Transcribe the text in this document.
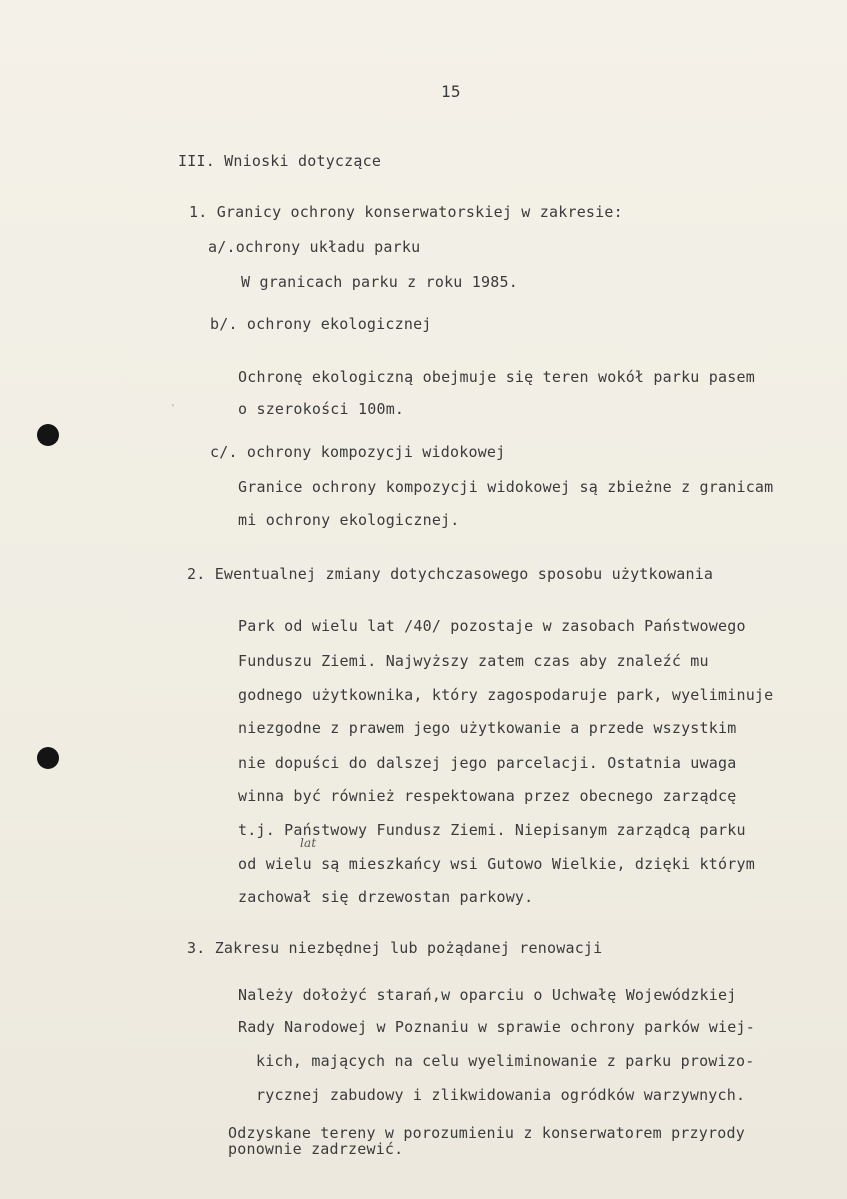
ʹ
15
III. Wnioski dotyczące
1. Granicy ochrony konserwatorskiej w zakresie:
a/.ochrony układu parku
W granicach parku z roku 1985.
b/. ochrony ekologicznej
Ochronę ekologiczną obejmuje się teren wokół parku pasem
o szerokości 100m.
c/. ochrony kompozycji widokowej
Granice ochrony kompozycji widokowej są zbieżne z granicam
mi ochrony ekologicznej.
2. Ewentualnej zmiany dotychczasowego sposobu użytkowania
Park od wielu lat /40/ pozostaje w zasobach Państwowego
Funduszu Ziemi. Najwyższy zatem czas aby znaleźć mu
godnego użytkownika, który zagospodaruje park, wyeliminuje
niezgodne z prawem jego użytkowanie a przede wszystkim
nie dopuści do dalszej jego parcelacji. Ostatnia uwaga
winna być również respektowana przez obecnego zarządcę
t.j. Państwowy Fundusz Ziemi. Niepisanym zarządcą parku
lat
od wielu są mieszkańcy wsi Gutowo Wielkie, dzięki którym
zachował się drzewostan parkowy.
3. Zakresu niezbędnej lub pożądanej renowacji
Należy dołożyć starań,w oparciu o Uchwałę Wojewódzkiej
Rady Narodowej w Poznaniu w sprawie ochrony parków wiej-
kich, mających na celu wyeliminowanie z parku prowizo-
rycznej zabudowy i zlikwidowania ogródków warzywnych.
Odzyskane tereny w porozumieniu z konserwatorem przyrody
ponownie zadrzewić.
